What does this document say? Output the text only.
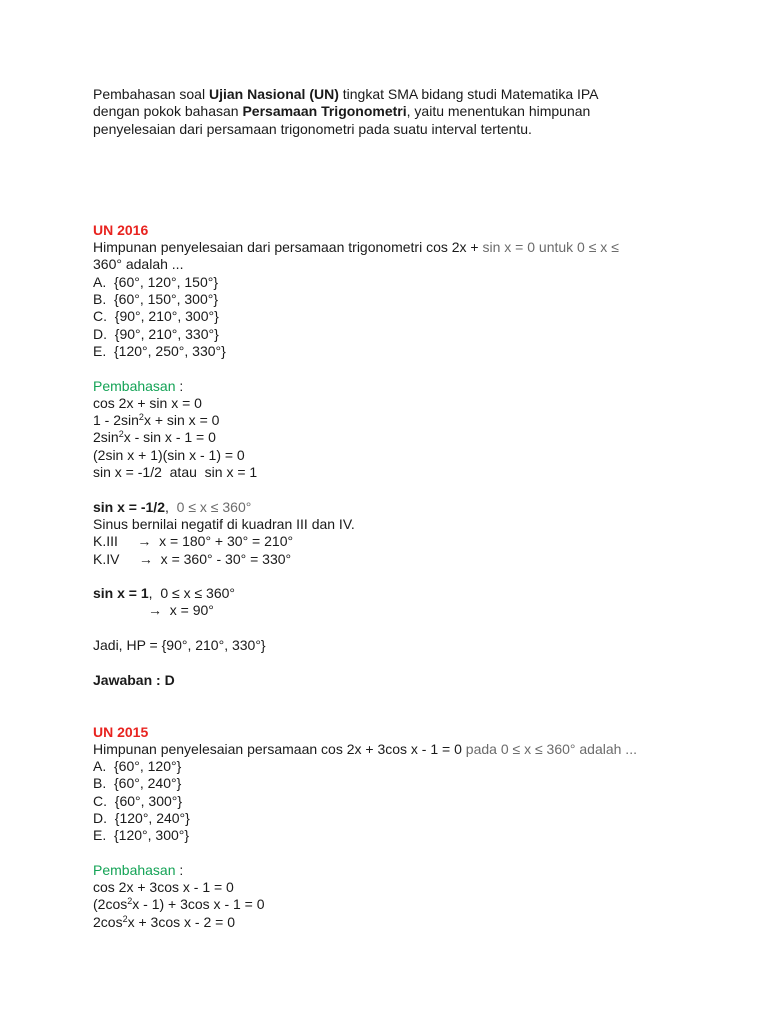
Pembahasan soal Ujian Nasional (UN) tingkat SMA bidang studi Matematika IPA
dengan pokok bahasan Persamaan Trigonometri, yaitu menentukan himpunan
penyelesaian dari persamaan trigonometri pada suatu interval tertentu.
UN 2016
Himpunan penyelesaian dari persamaan trigonometri cos 2x + sin x = 0 untuk 0 ≤ x ≤
360° adalah ...
A.  {60°, 120°, 150°}
B.  {60°, 150°, 300°}
C.  {90°, 210°, 300°}
D.  {90°, 210°, 330°}
E.  {120°, 250°, 330°}
Pembahasan :
cos 2x + sin x = 0
$1 - 2\sin^2x + \sin x = 0$
$2\sin^2x - \sin x - 1 = 0$
(2sin x + 1)(sin x - 1) = 0
sin x = -1/2  atau  sin x = 1
sin x = -1/2,  0 ≤ x ≤ 360°
Sinus bernilai negatif di kuadran III dan IV.
K.III     →  x = 180° + 30° = 210°
K.IV     →  x = 360° - 30° = 330°
sin x = 1,  0 ≤ x ≤ 360°
→  x = 90°
Jadi, HP = {90°, 210°, 330°}
Jawaban : D
UN 2015
Himpunan penyelesaian persamaan cos 2x + 3cos x - 1 = 0 pada 0 ≤ x ≤ 360° adalah ...
A.  {60°, 120°}
B.  {60°, 240°}
C.  {60°, 300°}
D.  {120°, 240°}
E.  {120°, 300°}
Pembahasan :
cos 2x + 3cos x - 1 = 0
$(2\cos^2x - 1) + 3\cos$ x - 1 = 0
$2\cos^2x + 3\cos$ x - 2 = 0
